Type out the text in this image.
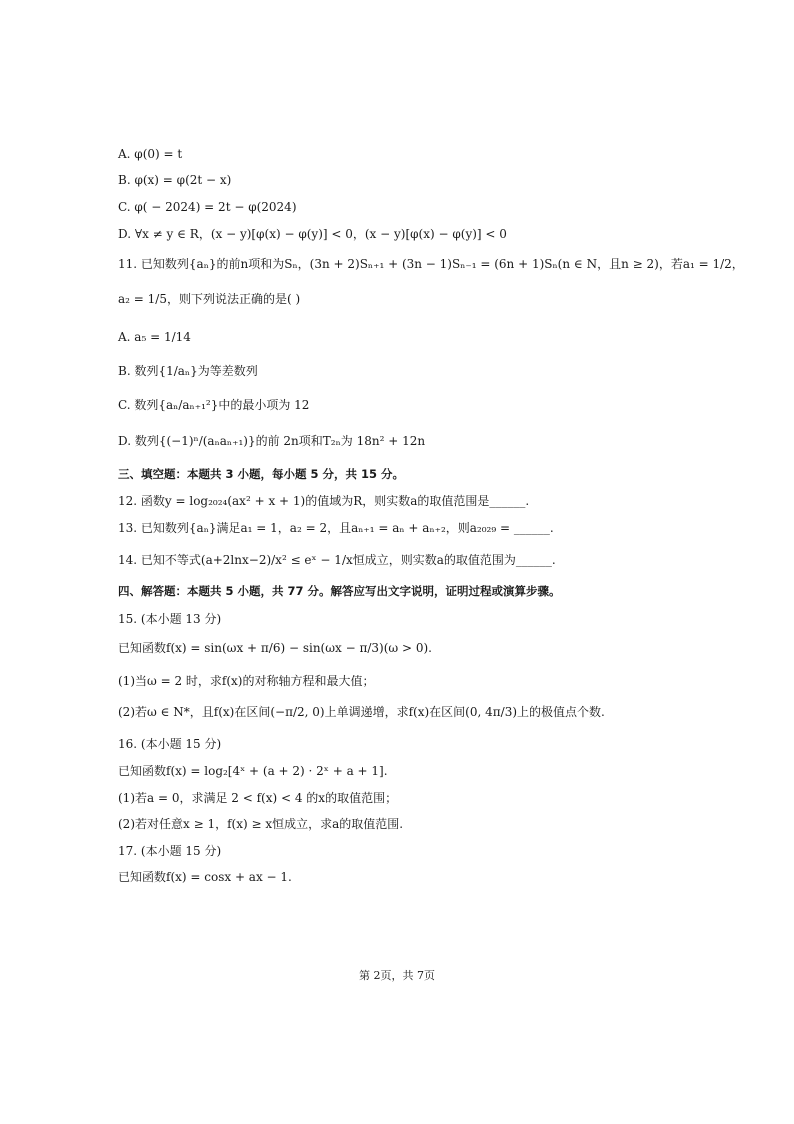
A. φ(0) = t
B. φ(x) = φ(2t − x)
C. φ( − 2024) = 2t − φ(2024)
D. ∀x ≠ y ∈ R，(x − y)[φ(x) − φ(y)] < 0，(x − y)[φ(x) − φ(y)] < 0
11. 已知数列{aₙ}的前n项和为Sₙ，(3n + 2)Sₙ₊₁ + (3n − 1)Sₙ₋₁ = (6n + 1)Sₙ(n ∈ N，且n ≥ 2)，若a₁ = 1/2，
a₂ = 1/5，则下列说法正确的是( )
A. a₅ = 1/14
B. 数列{1/aₙ}为等差数列
C. 数列{aₙ/aₙ₊₁²}中的最小项为 12
D. 数列{(−1)ⁿ/(aₙaₙ₊₁)}的前 2n项和T₂ₙ为 18n² + 12n
三、填空题：本题共 3 小题，每小题 5 分，共 15 分。
12. 函数y = log₂₀₂₄(ax² + x + 1)的值域为R，则实数a的取值范围是______.
13. 已知数列{aₙ}满足a₁ = 1，a₂ = 2，且aₙ₊₁ = aₙ + aₙ₊₂，则a₂₀₂₉ = ______.
14. 已知不等式(a+2lnx−2)/x² ≤ eˣ − 1/x恒成立，则实数a的取值范围为______.
四、解答题：本题共 5 小题，共 77 分。解答应写出文字说明，证明过程或演算步骤。
15. (本小题 13 分)
已知函数f(x) = sin(ωx + π/6) − sin(ωx − π/3)(ω > 0).
(1)当ω = 2 时，求f(x)的对称轴方程和最大值；
(2)若ω ∈ N*，且f(x)在区间(−π/2, 0)上单调递增，求f(x)在区间(0, 4π/3)上的极值点个数.
16. (本小题 15 分)
已知函数f(x) = log₂[4ˣ + (a + 2) · 2ˣ + a + 1].
(1)若a = 0，求满足 2 < f(x) < 4 的x的取值范围；
(2)若对任意x ≥ 1，f(x) ≥ x恒成立，求a的取值范围.
17. (本小题 15 分)
已知函数f(x) = cosx + ax − 1.
第 2页，共 7页
